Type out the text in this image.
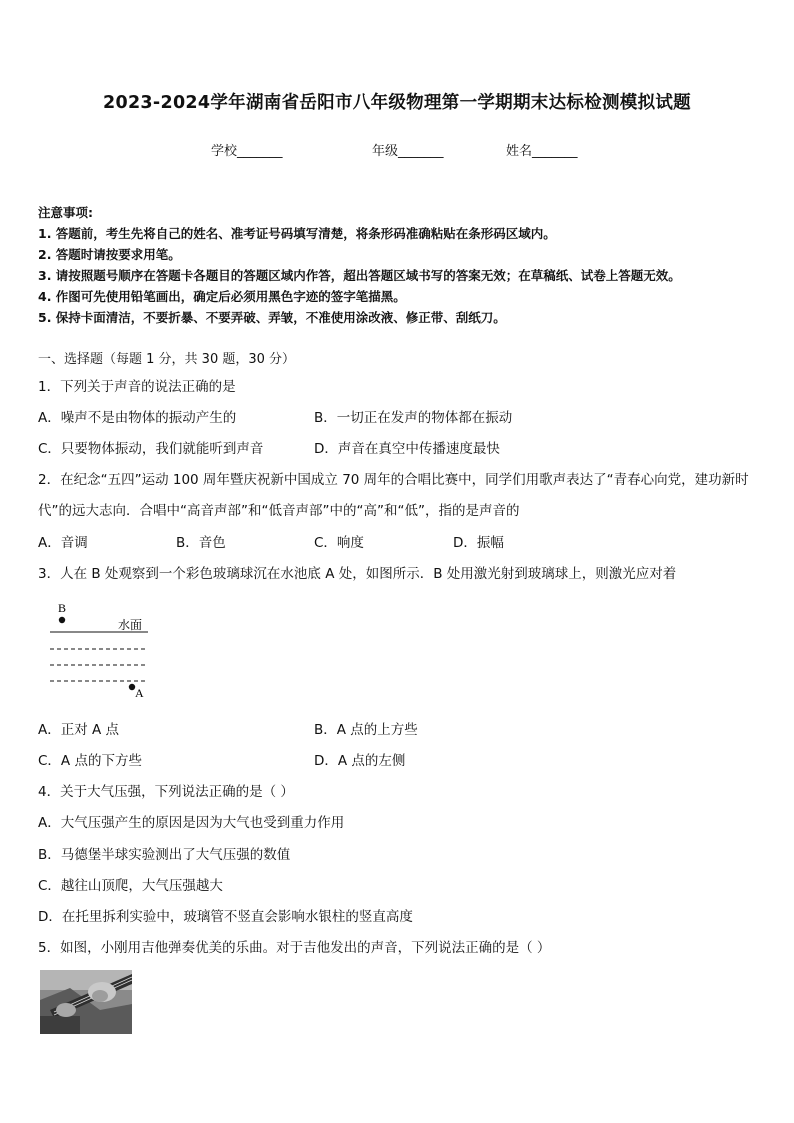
2023-2024学年湖南省岳阳市八年级物理第一学期期末达标检测模拟试题
学校_______	年级_______	姓名_______
注意事项:
1. 答题前，考生先将自己的姓名、准考证号码填写清楚，将条形码准确粘贴在条形码区域内。
2. 答题时请按要求用笔。
3. 请按照题号顺序在答题卡各题目的答题区域内作答，超出答题区域书写的答案无效；在草稿纸、试卷上答题无效。
4. 作图可先使用铅笔画出，确定后必须用黑色字迹的签字笔描黑。
5. 保持卡面清洁，不要折暴、不要弄破、弄皱，不准使用涂改液、修正带、刮纸刀。
一、选择题（每题 1 分，共 30 题，30 分）
1．下列关于声音的说法正确的是
A．噪声不是由物体的振动产生的	B．一切正在发声的物体都在振动
C．只要物体振动，我们就能听到声音	D．声音在真空中传播速度最快
2．在纪念“五四”运动 100 周年暨庆祝新中国成立 70 周年的合唱比赛中，同学们用歌声表达了“青春心向党，建功新时
代”的远大志向．合唱中“高音声部”和“低音声部”中的“高”和“低”，指的是声音的
A．音调	B．音色	C．响度	D．振幅
3．人在 B 处观察到一个彩色玻璃球沉在水池底 A 处，如图所示．B 处用激光射到玻璃球上，则激光应对着
B
水面
A
A．正对 A 点	B．A 点的上方些
C．A 点的下方些	D．A 点的左侧
4．关于大气压强，下列说法正确的是（ ）
A．大气压强产生的原因是因为大气也受到重力作用
B．马德堡半球实验测出了大气压强的数值
C．越往山顶爬，大气压强越大
D．在托里拆利实验中，玻璃管不竖直会影响水银柱的竖直高度
5．如图，小刚用吉他弹奏优美的乐曲。对于吉他发出的声音，下列说法正确的是（ ）
